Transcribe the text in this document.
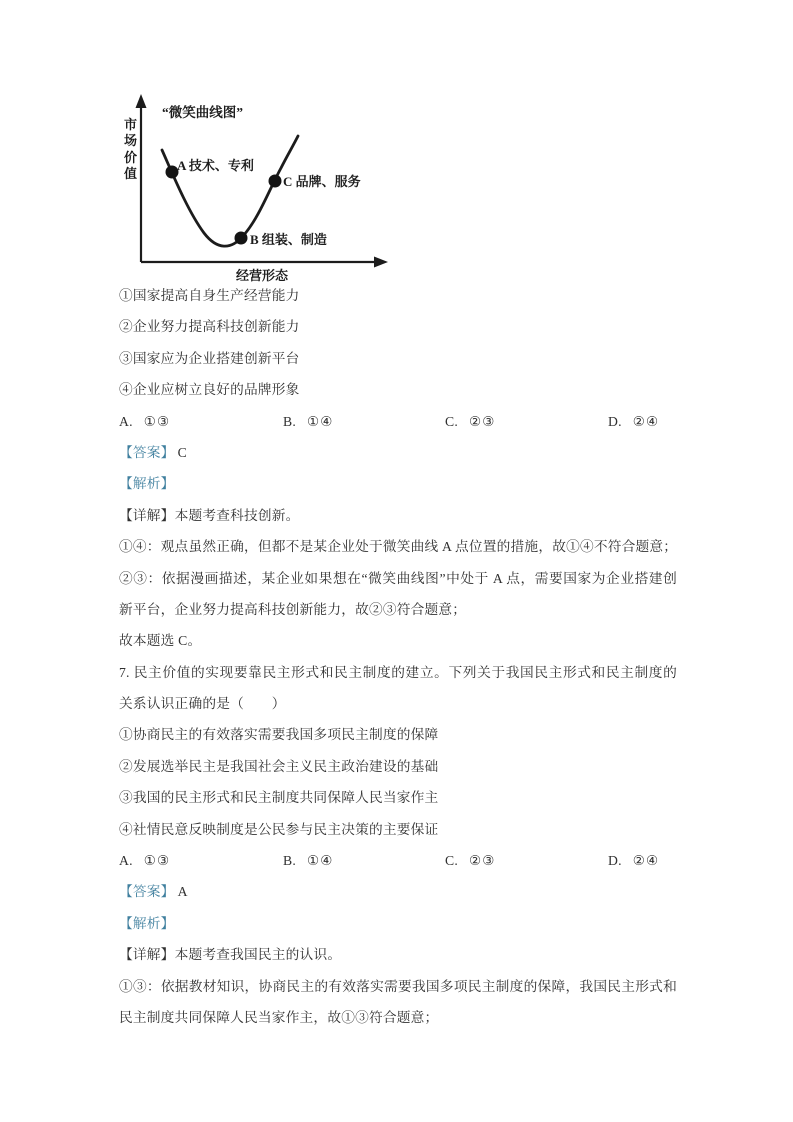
“微笑曲线图”
市
场
价
值
A 技术、专利
B 组装、制造
C 品牌、服务
经营形态

①国家提高自身生产经营能力

②企业努力提高科技创新能力

③国家应为企业搭建创新平台

④企业应树立良好的品牌形象

A. ①③	B. ①④	C. ②③	D. ②④

【答案】 C

【解析】

【详解】本题考查科技创新。

①④：观点虽然正确，但都不是某企业处于微笑曲线 A 点位置的措施，故①④不符合题意；

②③：依据漫画描述，某企业如果想在“微笑曲线图”中处于 A 点，需要国家为企业搭建创

新平台，企业努力提高科技创新能力，故②③符合题意；

故本题选 C。

7. 民主价值的实现要靠民主形式和民主制度的建立。下列关于我国民主形式和民主制度的

关系认识正确的是（　　）

①协商民主的有效落实需要我国多项民主制度的保障

②发展选举民主是我国社会主义民主政治建设的基础

③我国的民主形式和民主制度共同保障人民当家作主

④社情民意反映制度是公民参与民主决策的主要保证

A. ①③	B. ①④	C. ②③	D. ②④

【答案】 A

【解析】

【详解】本题考查我国民主的认识。

①③：依据教材知识，协商民主的有效落实需要我国多项民主制度的保障，我国民主形式和

民主制度共同保障人民当家作主，故①③符合题意；
